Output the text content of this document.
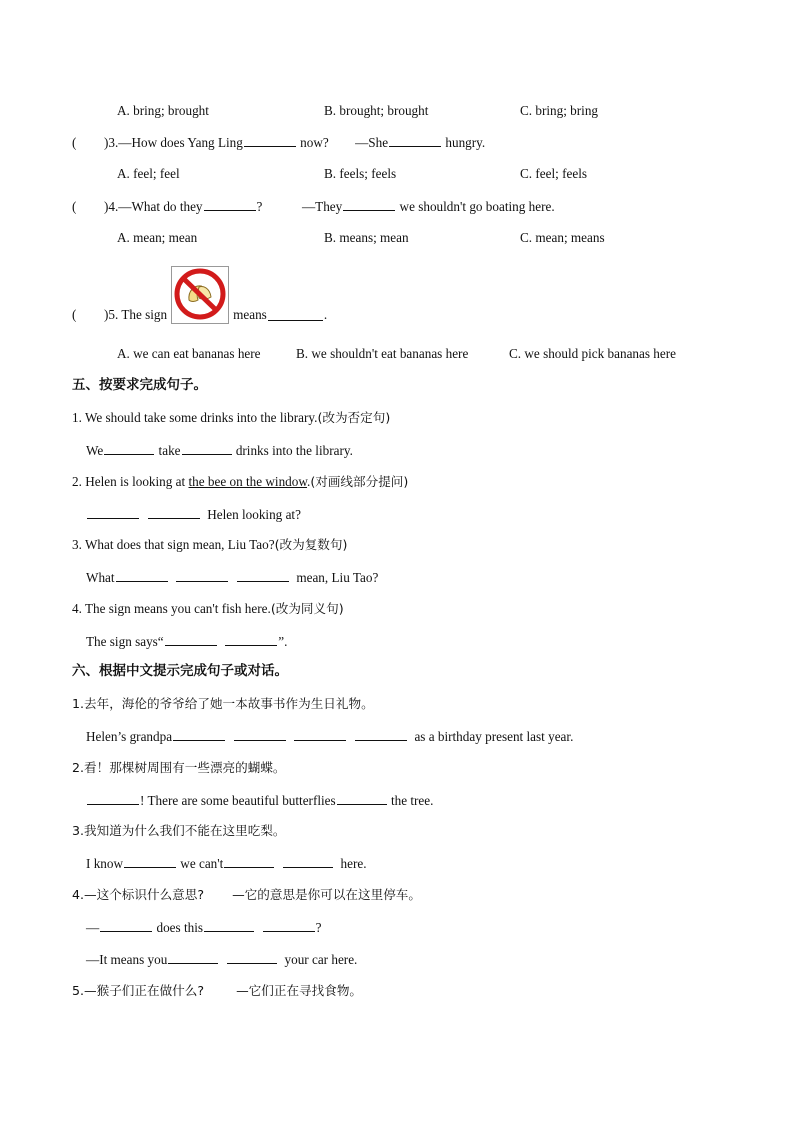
A. bring; brought	B. brought; brought	C. bring; bring
( )3.—How does Yang Ling	now? —She	hungry.
A. feel; feel	B. feels; feels	C. feel; feels
( )4.—What do they	?	—They	we shouldn't go boating here.
A. mean; mean	B. means; mean	C. mean; means
( )5. The sign	means	.
A. we can eat bananas here	B. we shouldn't eat bananas here	C. we should pick bananas here
五、按要求完成句子。
1. We should take some drinks into the library.(改为否定句)
We	take	drinks into the library.
2. Helen is looking at the bee on the window.(对画线部分提问)
Helen looking at?
3. What does that sign mean, Liu Tao?(改为复数句)
What	mean, Liu Tao?
4. The sign means you can't fish here.(改为同义句)
The sign says“	”.
六、根据中文提示完成句子或对话。
1.去年，海伦的爷爷给了她一本故事书作为生日礼物。
Helen’s grandpa	as a birthday present last year.
2.看！那棵树周围有一些漂亮的蝴蝶。
! There are some beautiful butterflies	the tree.
3.我知道为什么我们不能在这里吃梨。
I know	we can't	here.
4.—这个标识什么意思? —它的意思是你可以在这里停车。
—	does this	?
—It means you	your car here.
5.—猴子们正在做什么?	—它们正在寻找食物。
